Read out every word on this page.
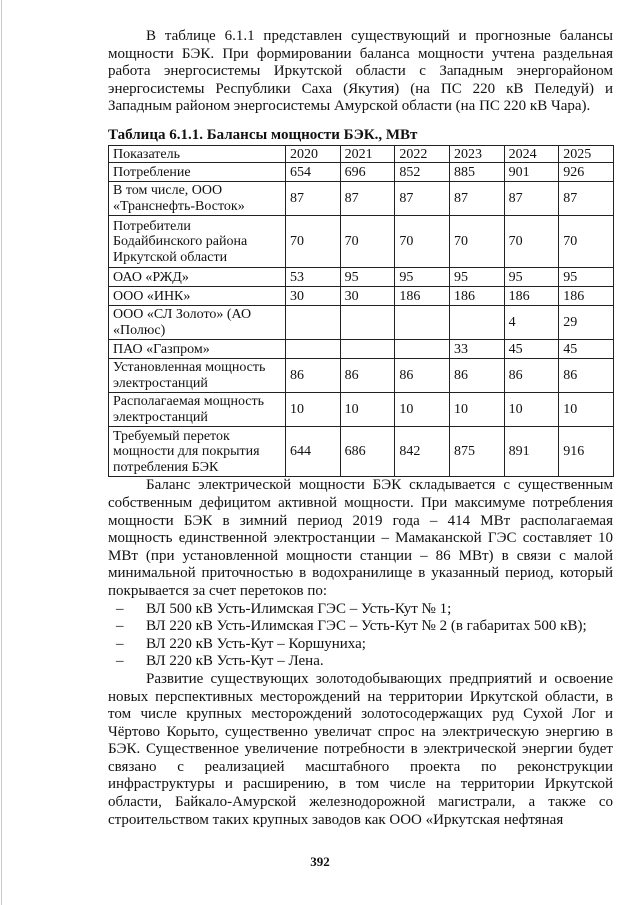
В таблице 6.1.1 представлен существующий и прогнозные балансы мощности БЭК. При формировании баланса мощности учтена раздельная работа энергосистемы Иркутской области с Западным энергорайоном энергосистемы Республики Саха (Якутия) (на ПС 220 кВ Пеледуй) и Западным районом энергосистемы Амурской области (на ПС 220 кВ Чара).

Таблица 6.1.1. Балансы мощности БЭК., МВт
Показатель	2020	2021	2022	2023	2024	2025
Потребление	654	696	852	885	901	926
В том числе, ООО «Транснефть-Восток»	87	87	87	87	87	87
Потребители Бодайбинского района Иркутской области	70	70	70	70	70	70
ОАО «РЖД»	53	95	95	95	95	95
ООО «ИНК»	30	30	186	186	186	186
ООО «СЛ Золото» (АО «Полюс)					4	29
ПАО «Газпром»				33	45	45
Установленная мощность электростанций	86	86	86	86	86	86
Располагаемая мощность электростанций	10	10	10	10	10	10
Требуемый переток мощности для покрытия потребления БЭК	644	686	842	875	891	916

Баланс электрической мощности БЭК складывается с существенным собственным дефицитом активной мощности. При максимуме потребления мощности БЭК в зимний период 2019 года – 414 МВт располагаемая мощность единственной электростанции – Мамаканской ГЭС составляет 10 МВт (при установленной мощности станции – 86 МВт) в связи с малой минимальной приточностью в водохранилище в указанный период, который покрывается за счет перетоков по:

– ВЛ 500 кВ Усть-Илимская ГЭС – Усть-Кут № 1;
– ВЛ 220 кВ Усть-Илимская ГЭС – Усть-Кут № 2 (в габаритах 500 кВ);
– ВЛ 220 кВ Усть-Кут – Коршуниха;
– ВЛ 220 кВ Усть-Кут – Лена.

Развитие существующих золотодобывающих предприятий и освоение новых перспективных месторождений на территории Иркутской области, в том числе крупных месторождений золотосодержащих руд Сухой Лог и Чёртово Корыто, существенно увеличат спрос на электрическую энергию в БЭК. Существенное увеличение потребности в электрической энергии будет связано с реализацией масштабного проекта по реконструкции инфраструктуры и расширению, в том числе на территории Иркутской области, Байкало-Амурской железнодорожной магистрали, а также со строительством таких крупных заводов как ООО «Иркутская нефтяная

392
